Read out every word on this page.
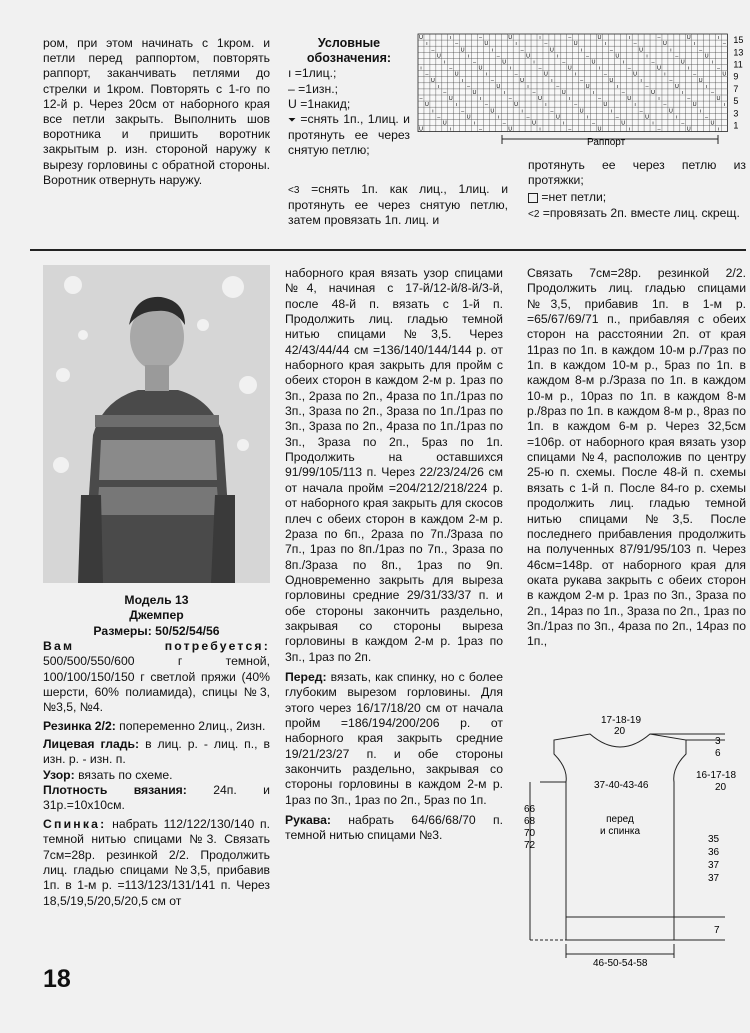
ром, при этом начинать с 1кром. и петли перед раппортом, повторять раппорт, заканчивать петлями до стрелки и 1кром. Повторять с 1-го по 12-й р. Через 20см от наборного края все петли закрыть. Выполнить шов воротника и пришить воротник закрытым р. изн. стороной наружу к вырезу горловины с обратной стороны. Воротник отвернуть наружу.
Условные
обозначения:
ı =1лиц.;
– =1изн.;
U =1накид;
⏷ =снять 1п., 1лиц. и протянуть ее через снятую петлю;
<3 =снять 1п. как лиц., 1лиц. и протянуть ее через снятую петлю, затем провязать 1п. лиц. и
протянуть ее через петлю из протяжки;
=нет петли;
<2 =провязать 2п. вместе лиц. скрещ.
U	ı	–	U	ı	–	U	ı	–	U	ı
ı	–	U	ı	–	U	ı	–	U	ı	–
–	U	ı	–	U	ı	–	U	ı	–
U	ı	–	U	ı	–	U	ı	–	U
ı	–	U	ı	–	U	ı	–	U	ı
ı	–	U	ı	–	U	ı	–	U	ı	–
–	U	ı	–	U	ı	–	U	ı	–	U
U	ı	–	U	ı	–	U	ı	–	U
ı	–	U	ı	–	U	ı	–	U	ı
–	U	ı	–	U	ı	–	U	ı	–
–	U	ı	–	U	ı	–	U	ı	–	U
U	ı	–	U	ı	–	U	ı	–	U	ı
ı	–	U	ı	–	U	ı	–	U	ı
–	U	ı	–	U	ı	–	U	ı	–
U	ı	–	U	ı	–	U	ı	–	U
U	ı	–	U	ı	–	U	ı	–	U	ı
15
13
11
9
7
5
3
1
Раппорт
Модель 13
Джемпер
Размеры: 50/52/54/56

Вам потребуется: 500/500/550/600 г темной, 100/100/150/150 г светлой пряжи (40% шерсти, 60% полиамида), спицы №3, №3,5, №4.

Резинка 2/2: попеременно 2лиц., 2изн.

Лицевая гладь: в лиц. р. - лиц. п., в изн. р. - изн. п.

Узор: вязать по схеме.

Плотность вязания: 24п. и 31р.=10х10см.

Спинка: набрать 112/122/130/140 п. темной нитью спицами №3. Связать 7см=28р. резинкой 2/2. Продолжить лиц. гладью спицами №3,5, прибавив 1п. в 1-м р. =113/123/131/141 п. Через 18,5/19,5/20,5/20,5 см от

наборного края вязать узор спицами №4, начиная с 17-й/12-й/8-й/3-й, после 48-й п. вязать с 1-й п. Продолжить лиц. гладью темной нитью спицами №3,5. Через 42/43/44/44 см =136/140/144/144 р. от наборного края закрыть для пройм с обеих сторон в каждом 2-м р. 1раз по 3п., 2раза по 2п., 4раза по 1п./1раз по 3п., 3раза по 2п., 3раза по 1п./1раз по 3п., 3раза по 2п., 4раза по 1п./1раз по 3п., 3раза по 2п., 5раз по 1п. Продолжить на оставшихся 91/99/105/113 п. Через 22/23/24/26 см от начала пройм =204/212/218/224 р. от наборного края закрыть для скосов плеч с обеих сторон в каждом 2-м р. 2раза по 6п., 2раза по 7п./3раза по 7п., 1раз по 8п./1раз по 7п., 3раза по 8п./3раза по 8п., 1раз по 9п. Одновременно закрыть для выреза горловины средние 29/31/33/37 п. и обе стороны закончить раздельно, закрывая со стороны выреза горловины в каждом 2-м р. 1раз по 3п., 1раз по 2п.

Перед: вязать, как спинку, но с более глубоким вырезом горловины. Для этого через 16/17/18/20 см от начала пройм =186/194/200/206 р. от наборного края закрыть средние 19/21/23/27 п. и обе стороны закончить раздельно, закрывая со стороны горловины в каждом 2-м р. 1раз по 3п., 1раз по 2п., 5раз по 1п.

Рукава: набрать 64/66/68/70 п. темной нитью спицами №3.

Связать 7см=28р. резинкой 2/2. Продолжить лиц. гладью спицами №3,5, прибавив 1п. в 1-м р. =65/67/69/71 п., прибавляя с обеих сторон на расстоянии 2п. от края 11раз по 1п. в каждом 10-м р./7раз по 1п. в каждом 10-м р., 5раз по 1п. в каждом 8-м р./3раза по 1п. в каждом 10-м р., 10раз по 1п. в каждом 8-м р./8раз по 1п. в каждом 8-м р., 8раз по 1п. в каждом 6-м р. Через 32,5см =106р. от наборного края вязать узор спицами №4, расположив по центру 25-ю п. схемы. После 48-й п. схемы вязать с 1-й п. После 84-го р. схемы продолжить лиц. гладью темной нитью спицами №3,5. После последнего прибавления продолжить на полученных 87/91/95/103 п. Через 46см=148р. от наборного края для оката рукава закрыть с обеих сторон в каждом 2-м р. 1раз по 3п., 3раза по 2п., 14раз по 1п., 3раза по 2п., 1раз по 3п./1раз по 3п., 4раза по 2п., 14раз по 1п.,

17-18-19
20
3
6
16-17-18
20
37-40-43-46
перед
и спинка
66
68
70
72
35
36
37
37
7
46-50-54-58
18
